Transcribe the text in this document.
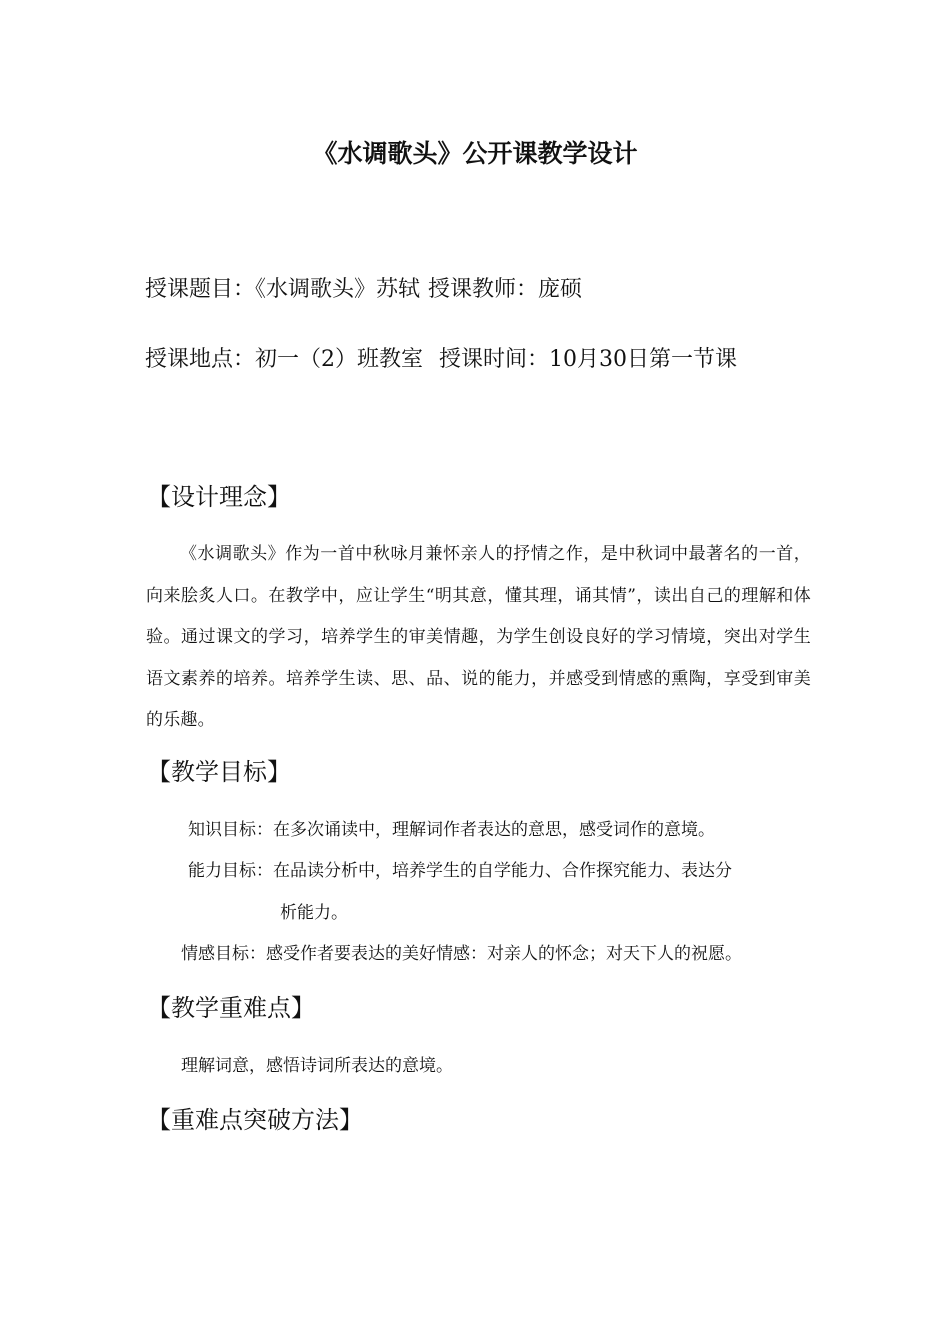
《水调歌头》公开课教学设计
授课题目：《水调歌头》苏轼 授课教师：庞硕
授课地点：初一（2）班教室 授课时间：10月30日第一节课
【设计理念】
《水调歌头》作为一首中秋咏月兼怀亲人的抒情之作，是中秋词中最著名的一首，向来脍炙人口。在教学中，应让学生“明其意，懂其理，诵其情”，读出自己的理解和体验。通过课文的学习，培养学生的审美情趣，为学生创设良好的学习情境，突出对学生语文素养的培养。培养学生读、思、品、说的能力，并感受到情感的熏陶，享受到审美的乐趣。
【教学目标】
知识目标：在多次诵读中，理解词作者表达的意思，感受词作的意境。
能力目标：在品读分析中，培养学生的自学能力、合作探究能力、表达分
析能力。
情感目标：感受作者要表达的美好情感：对亲人的怀念；对天下人的祝愿。
【教学重难点】
理解词意，感悟诗词所表达的意境。
【重难点突破方法】
